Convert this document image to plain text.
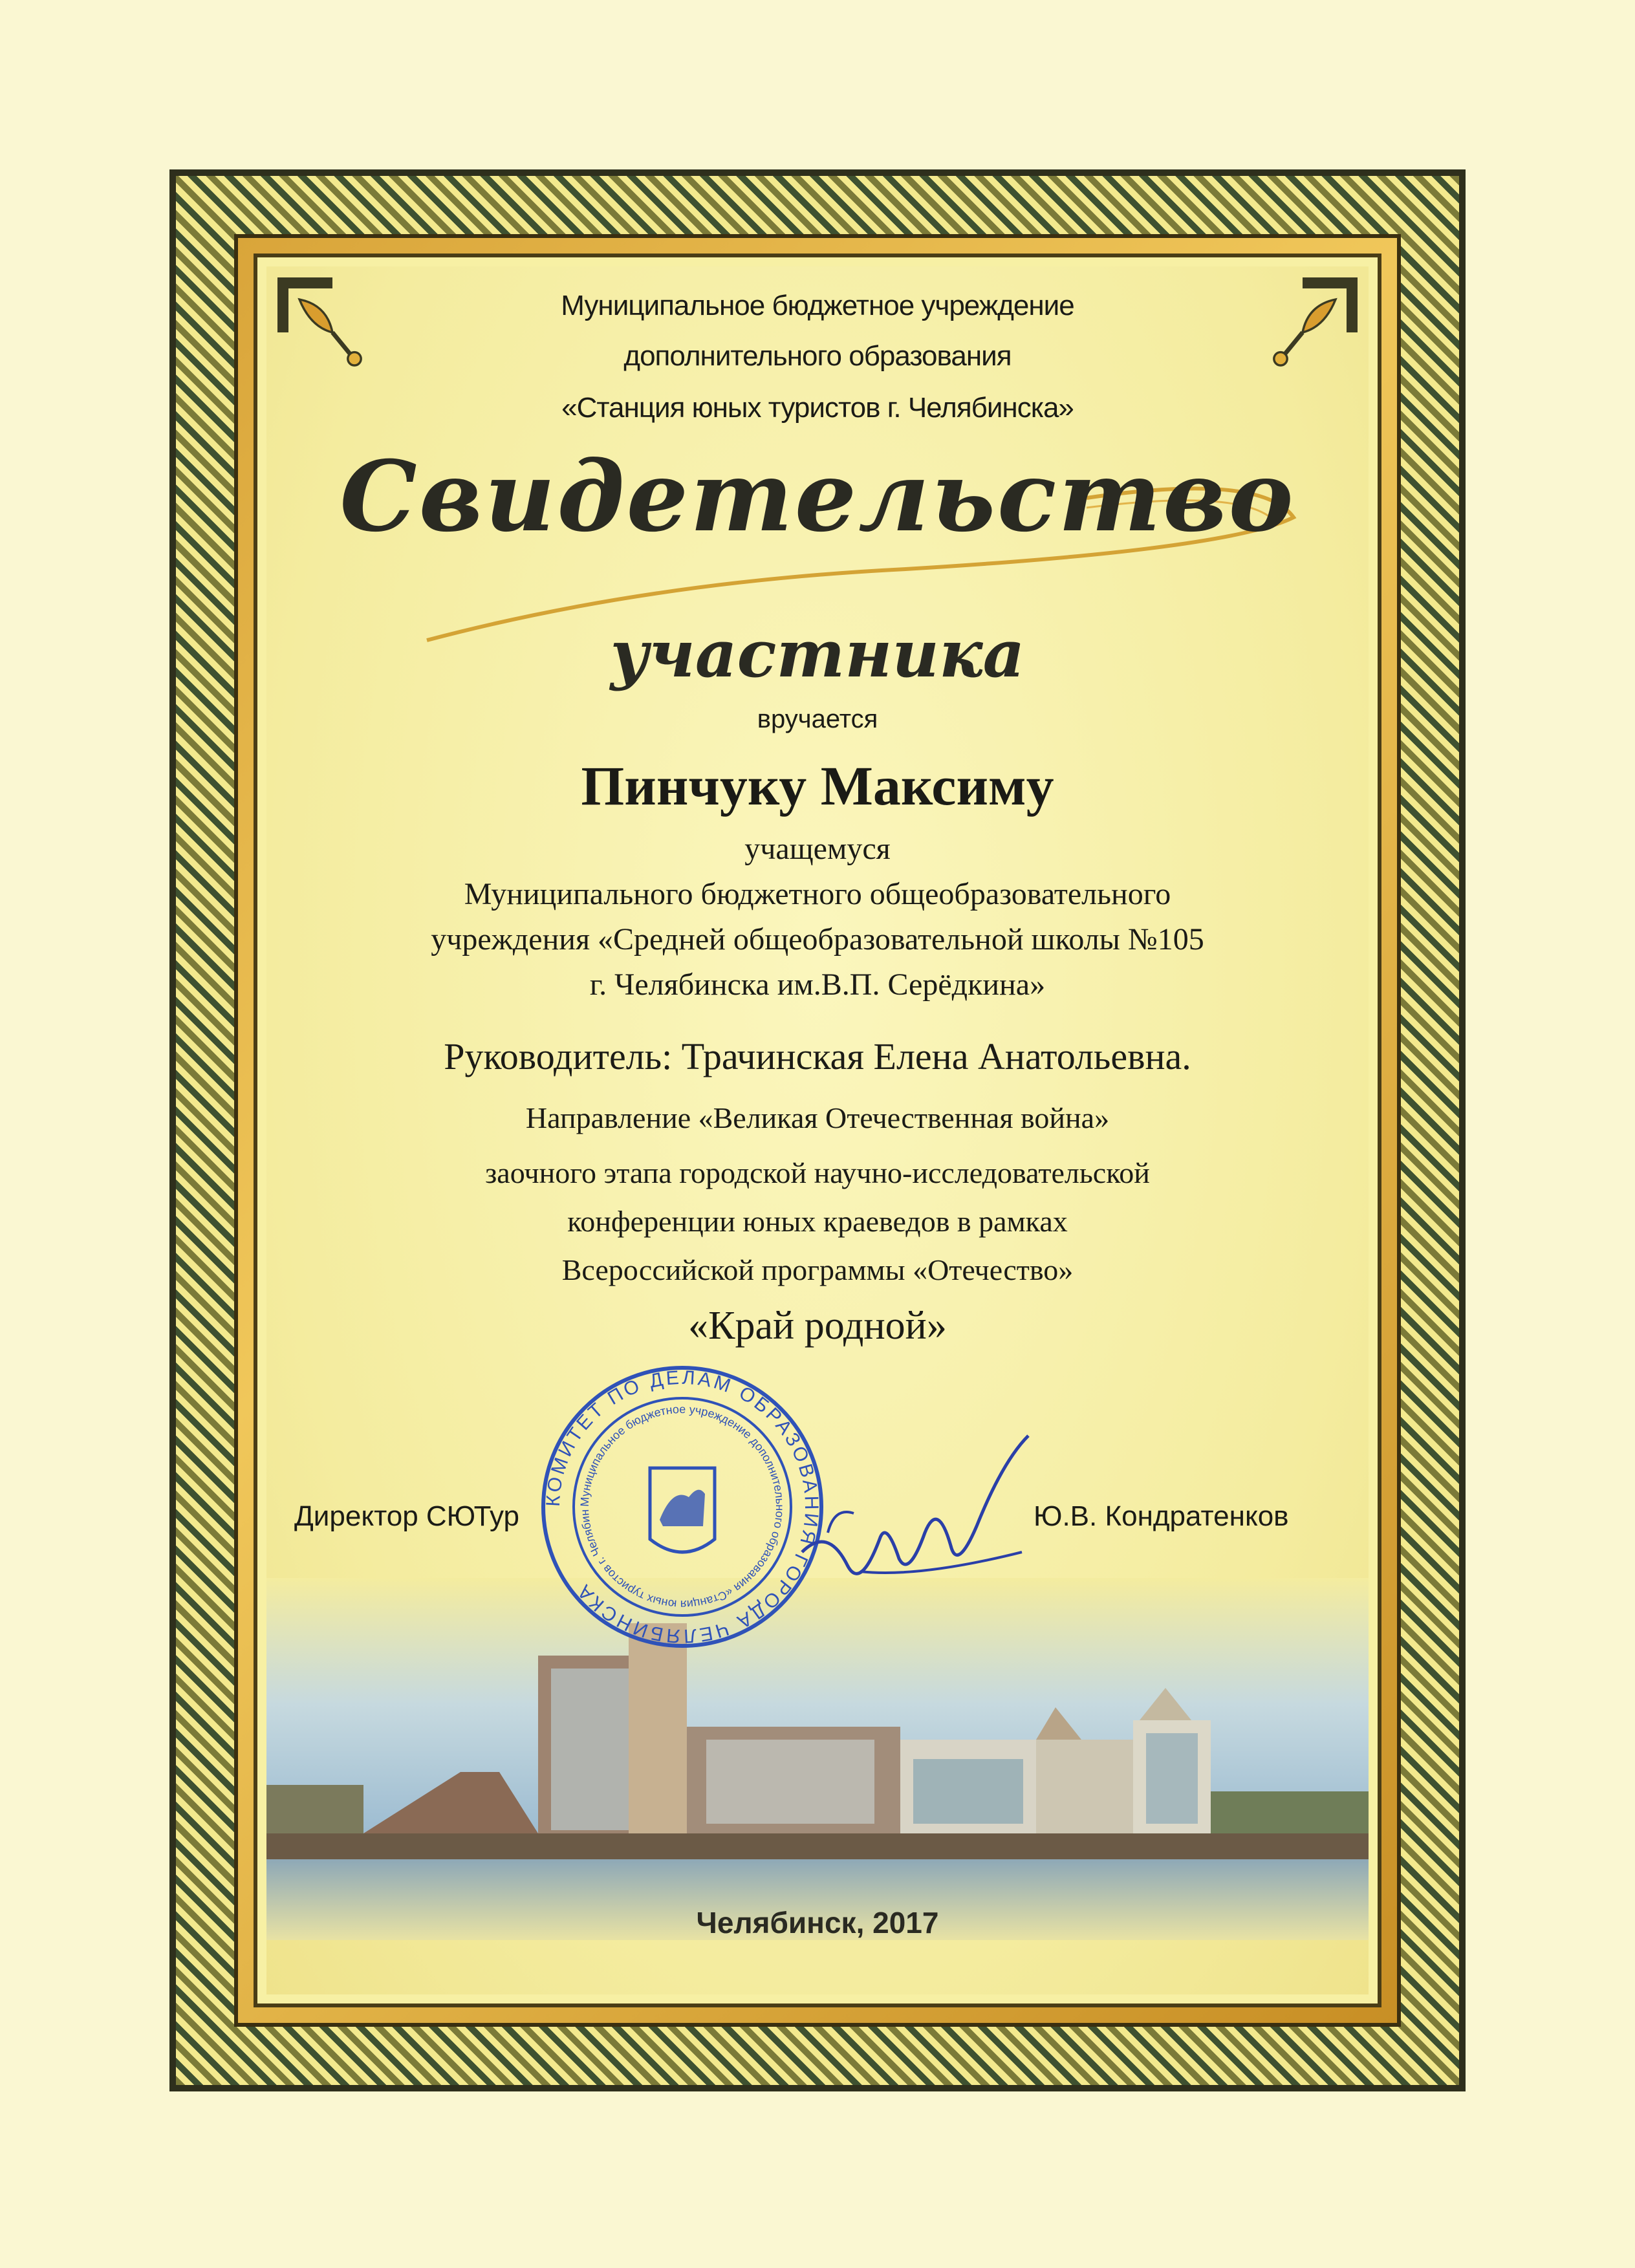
Муниципальное бюджетное учреждение
дополнительного образования
«Станция юных туристов г. Челябинска»
Свидетельство
участника
вручается
Пинчуку Максиму
учащемуся
Муниципального бюджетного общеобразовательного
учреждения «Средней общеобразовательной школы №105
г. Челябинска им.В.П. Серёдкина»
Руководитель: Трачинская Елена Анатольевна.
Направление «Великая Отечественная война»
заочного этапа городской научно-исследовательской
конференции юных краеведов в рамках
Всероссийской программы «Отечество»
«Край родной»
КОМИТЕТ ПО ДЕЛАМ ОБРАЗОВАНИЯ ГОРОДА ЧЕЛЯБИНСКА
Муниципальное бюджетное учреждение дополнительного образования «Станция юных туристов г. Челябин
Директор СЮТур	Ю.В. Кондратенков
Челябинск, 2017
